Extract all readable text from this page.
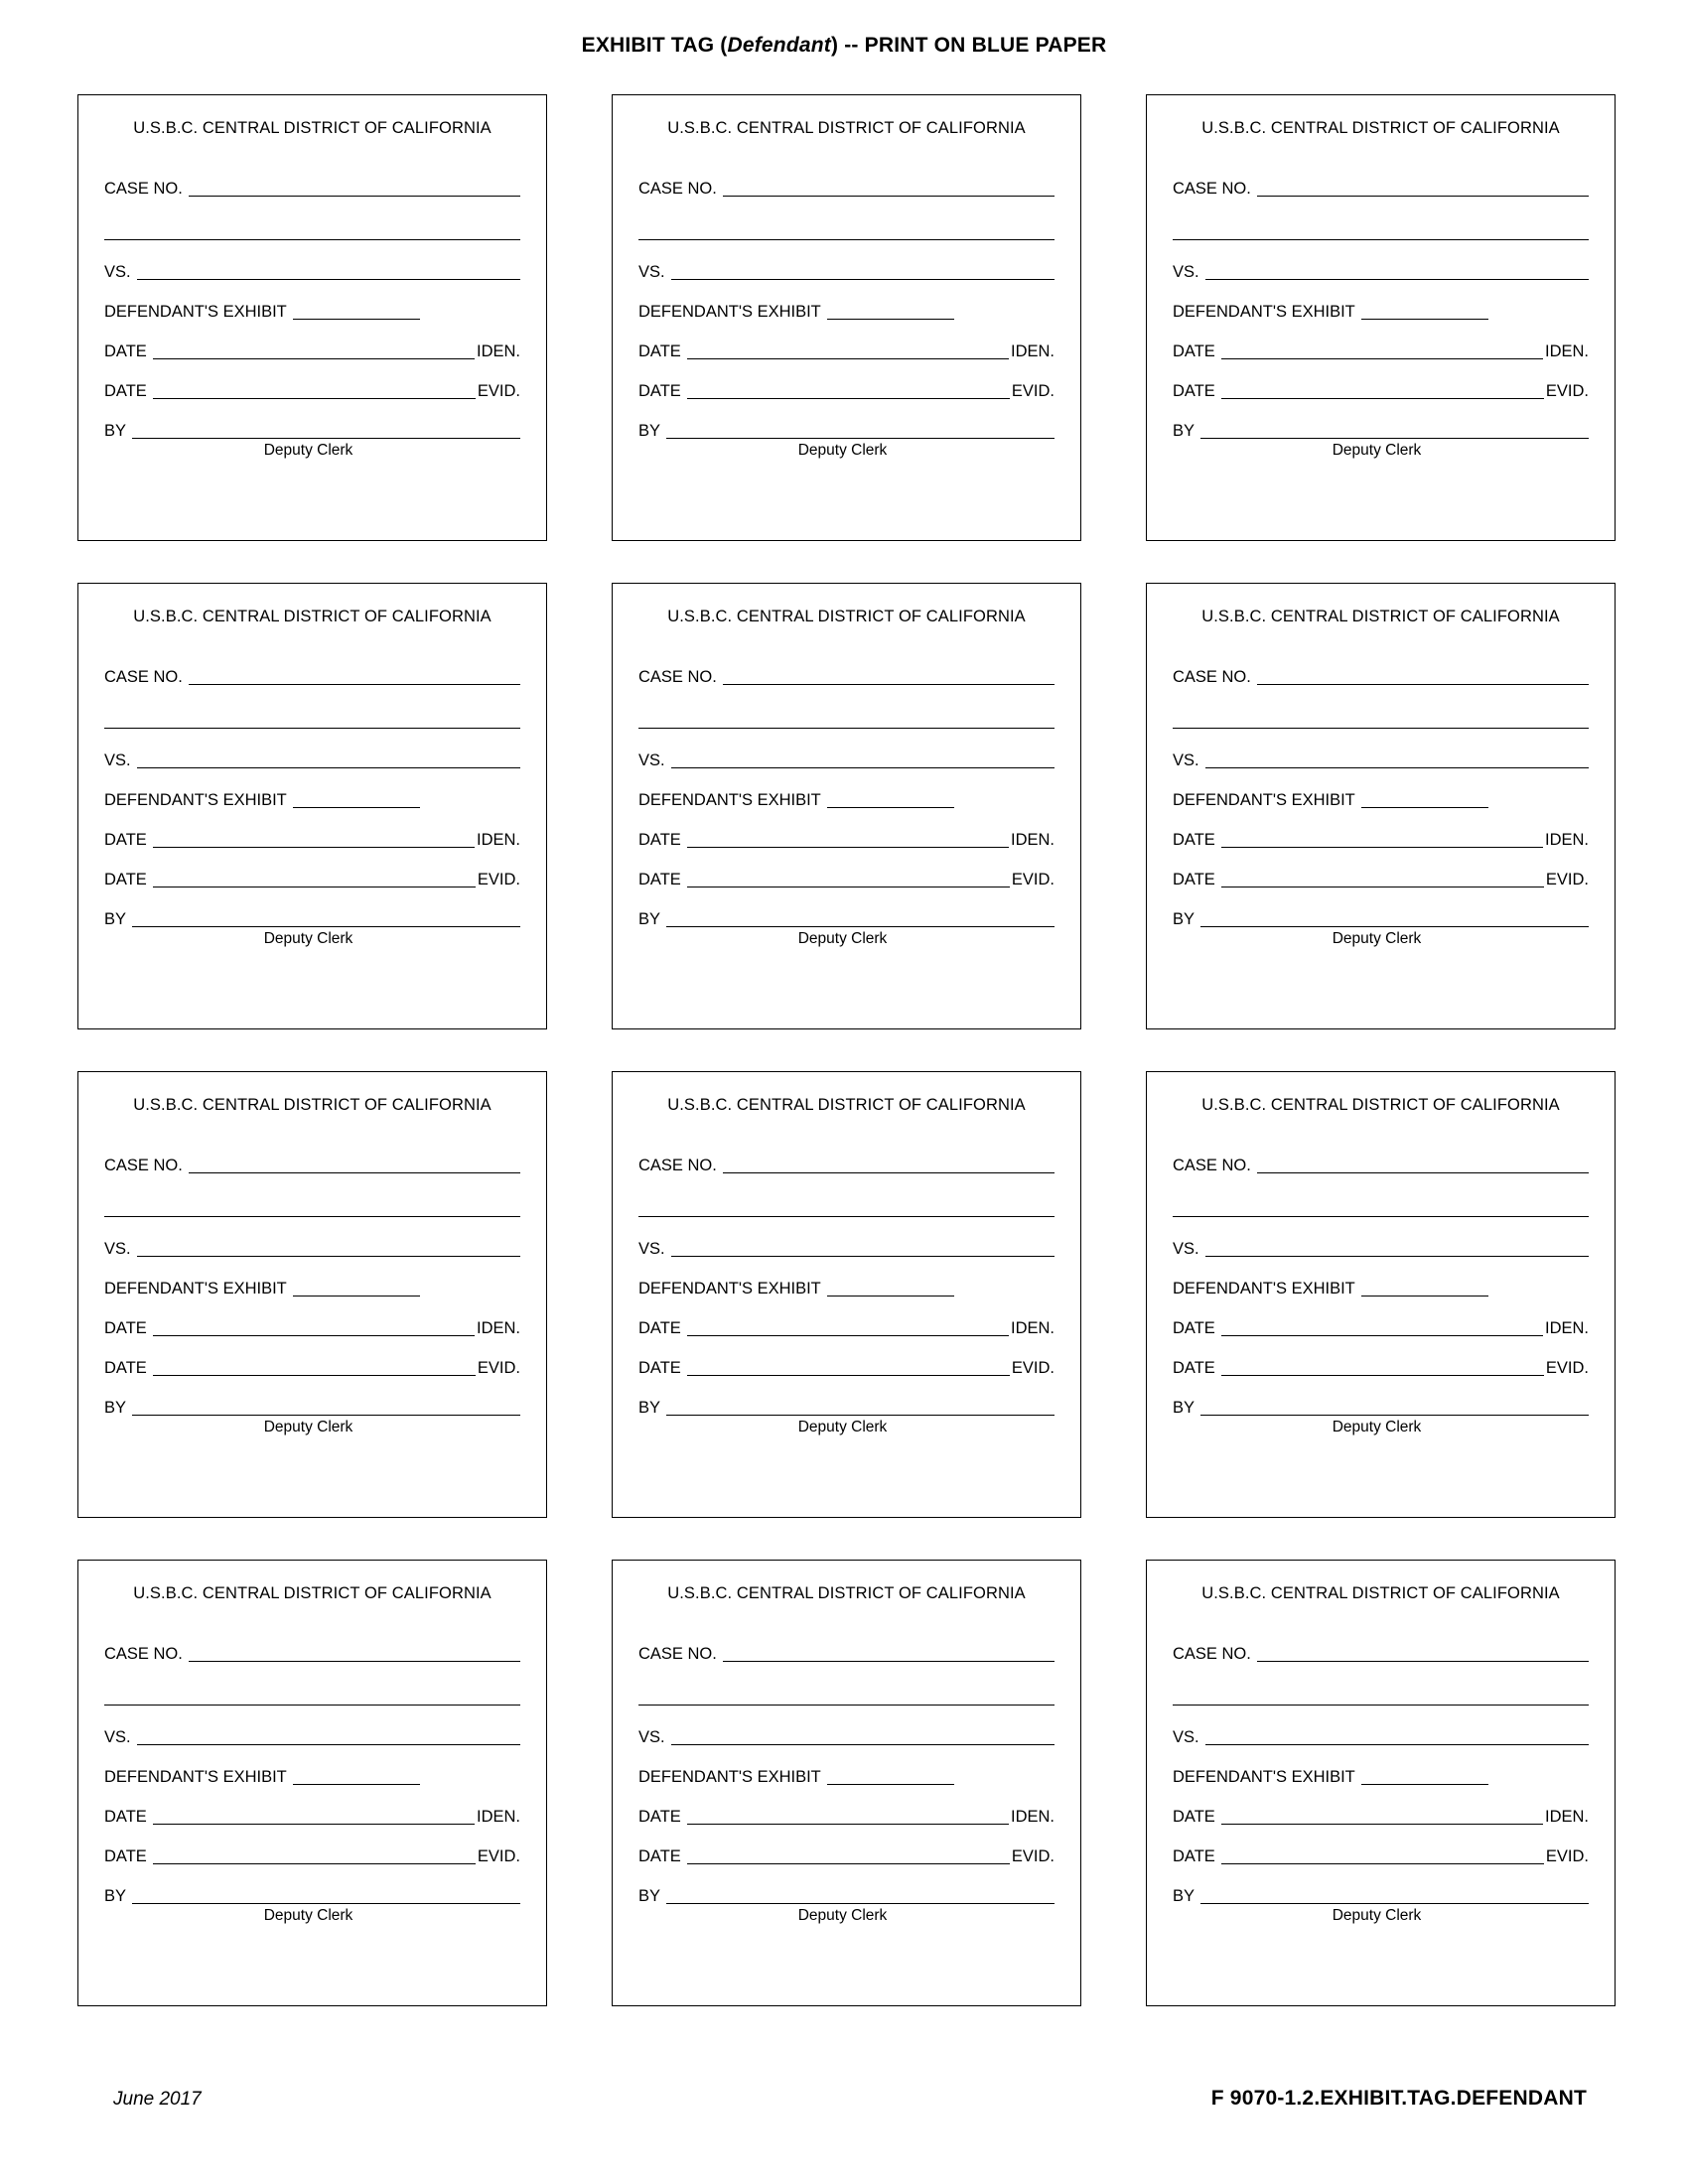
EXHIBIT TAG (Defendant) -- PRINT ON BLUE PAPER
U.S.B.C. CENTRAL DISTRICT OF CALIFORNIA
CASE NO.
VS.
DEFENDANT'S EXHIBIT
DATE	IDEN.
DATE	EVID.
BY
Deputy Clerk
U.S.B.C. CENTRAL DISTRICT OF CALIFORNIA
CASE NO.
VS.
DEFENDANT'S EXHIBIT
DATE	IDEN.
DATE	EVID.
BY
Deputy Clerk
U.S.B.C. CENTRAL DISTRICT OF CALIFORNIA
CASE NO.
VS.
DEFENDANT'S EXHIBIT
DATE	IDEN.
DATE	EVID.
BY
Deputy Clerk
U.S.B.C. CENTRAL DISTRICT OF CALIFORNIA
CASE NO.
VS.
DEFENDANT'S EXHIBIT
DATE	IDEN.
DATE	EVID.
BY
Deputy Clerk
U.S.B.C. CENTRAL DISTRICT OF CALIFORNIA
CASE NO.
VS.
DEFENDANT'S EXHIBIT
DATE	IDEN.
DATE	EVID.
BY
Deputy Clerk
U.S.B.C. CENTRAL DISTRICT OF CALIFORNIA
CASE NO.
VS.
DEFENDANT'S EXHIBIT
DATE	IDEN.
DATE	EVID.
BY
Deputy Clerk
U.S.B.C. CENTRAL DISTRICT OF CALIFORNIA
CASE NO.
VS.
DEFENDANT'S EXHIBIT
DATE	IDEN.
DATE	EVID.
BY
Deputy Clerk
U.S.B.C. CENTRAL DISTRICT OF CALIFORNIA
CASE NO.
VS.
DEFENDANT'S EXHIBIT
DATE	IDEN.
DATE	EVID.
BY
Deputy Clerk
U.S.B.C. CENTRAL DISTRICT OF CALIFORNIA
CASE NO.
VS.
DEFENDANT'S EXHIBIT
DATE	IDEN.
DATE	EVID.
BY
Deputy Clerk
U.S.B.C. CENTRAL DISTRICT OF CALIFORNIA
CASE NO.
VS.
DEFENDANT'S EXHIBIT
DATE	IDEN.
DATE	EVID.
BY
Deputy Clerk
U.S.B.C. CENTRAL DISTRICT OF CALIFORNIA
CASE NO.
VS.
DEFENDANT'S EXHIBIT
DATE	IDEN.
DATE	EVID.
BY
Deputy Clerk
U.S.B.C. CENTRAL DISTRICT OF CALIFORNIA
CASE NO.
VS.
DEFENDANT'S EXHIBIT
DATE	IDEN.
DATE	EVID.
BY
Deputy Clerk
June 2017	F 9070-1.2.EXHIBIT.TAG.DEFENDANT
